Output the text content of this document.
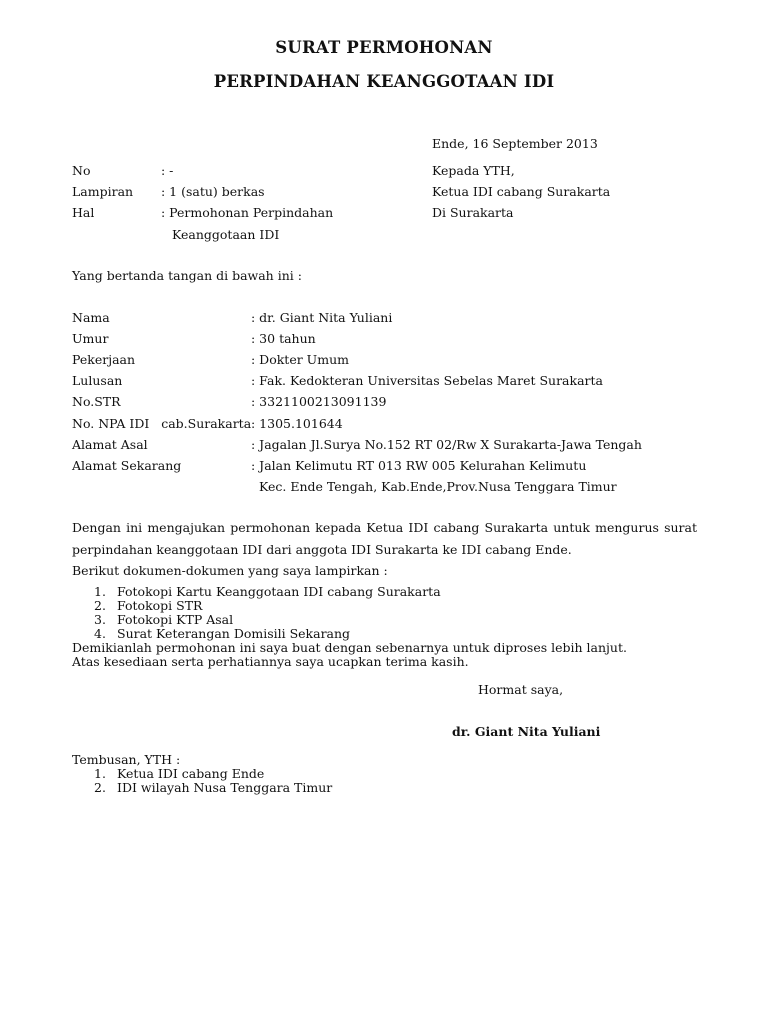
SURAT PERMOHONAN
PERPINDAHAN KEANGGOTAAN IDI
Ende, 16 September 2013
No	: -
Lampiran : 1 (satu) berkas
Hal	: Permohonan Perpindahan
Keanggotaan IDI
Kepada YTH,
Ketua IDI cabang Surakarta
Di Surakarta
Yang bertanda tangan di bawah ini :
Nama	: dr. Giant Nita Yuliani
Umur	: 30 tahun
Pekerjaan	: Dokter Umum
Lulusan	: Fak. Kedokteran Universitas Sebelas Maret Surakarta
No.STR	: 3321100213091139
No. NPA IDI   cab.Surakarta : 1305.101644
Alamat Asal	: Jagalan Jl.Surya No.152 RT 02/Rw X Surakarta-Jawa Tengah
Alamat Sekarang	: Jalan Kelimutu RT 013 RW 005 Kelurahan Kelimutu
Kec. Ende Tengah, Kab.Ende,Prov.Nusa Tenggara Timur
Dengan ini mengajukan permohonan kepada Ketua IDI cabang Surakarta untuk mengurus surat
perpindahan keanggotaan IDI dari anggota IDI Surakarta ke IDI cabang Ende.
Berikut dokumen-dokumen yang saya lampirkan :
1. Fotokopi Kartu Keanggotaan IDI cabang Surakarta
2. Fotokopi STR
3. Fotokopi KTP Asal
4. Surat Keterangan Domisili Sekarang
Demikianlah permohonan ini saya buat dengan sebenarnya untuk diproses lebih lanjut.
Atas kesediaan serta perhatiannya saya ucapkan terima kasih.
Hormat saya,
dr. Giant Nita Yuliani
Tembusan, YTH :
1. Ketua IDI cabang Ende
2. IDI wilayah Nusa Tenggara Timur
